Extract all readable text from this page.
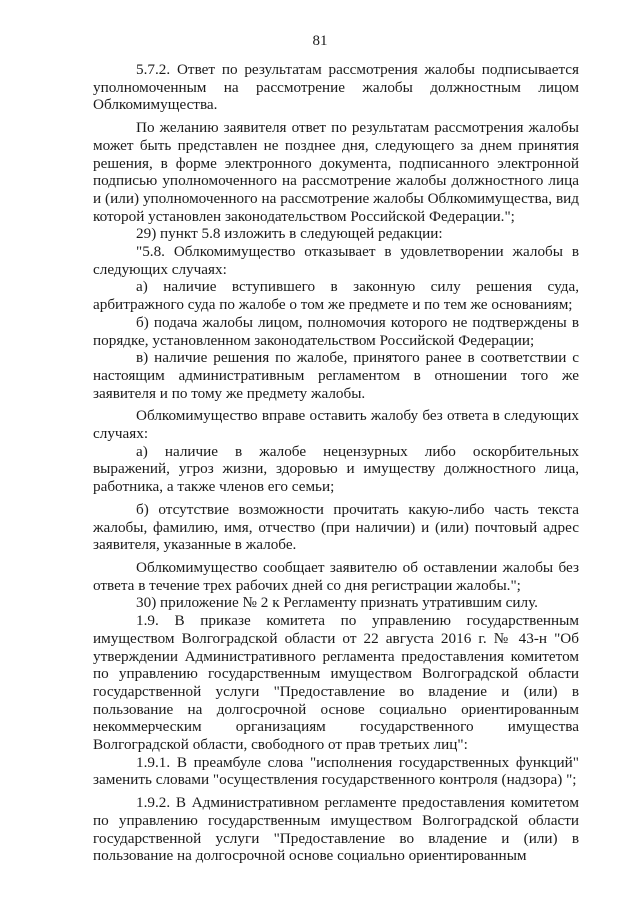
81

5.7.2. Ответ по результатам рассмотрения жалобы подписывается уполномоченным на рассмотрение жалобы должностным лицом Облкомимущества.

По желанию заявителя ответ по результатам рассмотрения жалобы может быть представлен не позднее дня, следующего за днем принятия решения, в форме электронного документа, подписанного электронной подписью уполномоченного на рассмотрение жалобы должностного лица и (или) уполномоченного на рассмотрение жалобы Облкомимущества, вид которой установлен законодательством Российской Федерации.";

29) пункт 5.8 изложить в следующей редакции:

"5.8. Облкомимущество отказывает в удовлетворении жалобы в следующих случаях:

а) наличие вступившего в законную силу решения суда, арбитражного суда по жалобе о том же предмете и по тем же основаниям;

б) подача жалобы лицом, полномочия которого не подтверждены в порядке, установленном законодательством Российской Федерации;

в) наличие решения по жалобе, принятого ранее в соответствии с настоящим административным регламентом в отношении того же заявителя и по тому же предмету жалобы.

Облкомимущество вправе оставить жалобу без ответа в следующих случаях:

а) наличие в жалобе нецензурных либо оскорбительных выражений, угроз жизни, здоровью и имуществу должностного лица, работника, а также членов его семьи;

б) отсутствие возможности прочитать какую-либо часть текста жалобы, фамилию, имя, отчество (при наличии) и (или) почтовый адрес заявителя, указанные в жалобе.

Облкомимущество сообщает заявителю об оставлении жалобы без ответа в течение трех рабочих дней со дня регистрации жалобы.";

30) приложение № 2 к Регламенту признать утратившим силу.

1.9. В приказе комитета по управлению государственным имуществом Волгоградской области от 22 августа 2016 г. № 43-н "Об утверждении Административного регламента предоставления комитетом по управлению государственным имуществом Волгоградской области государственной услуги "Предоставление во владение и (или) в пользование на долгосрочной основе социально ориентированным некоммерческим организациям государственного имущества Волгоградской области, свободного от прав третьих лиц":

1.9.1. В преамбуле слова "исполнения государственных функций" заменить словами "осуществления государственного контроля (надзора) ";

1.9.2. В Административном регламенте предоставления комитетом по управлению государственным имуществом Волгоградской области государственной услуги "Предоставление во владение и (или) в пользование на долгосрочной основе социально ориентированным
